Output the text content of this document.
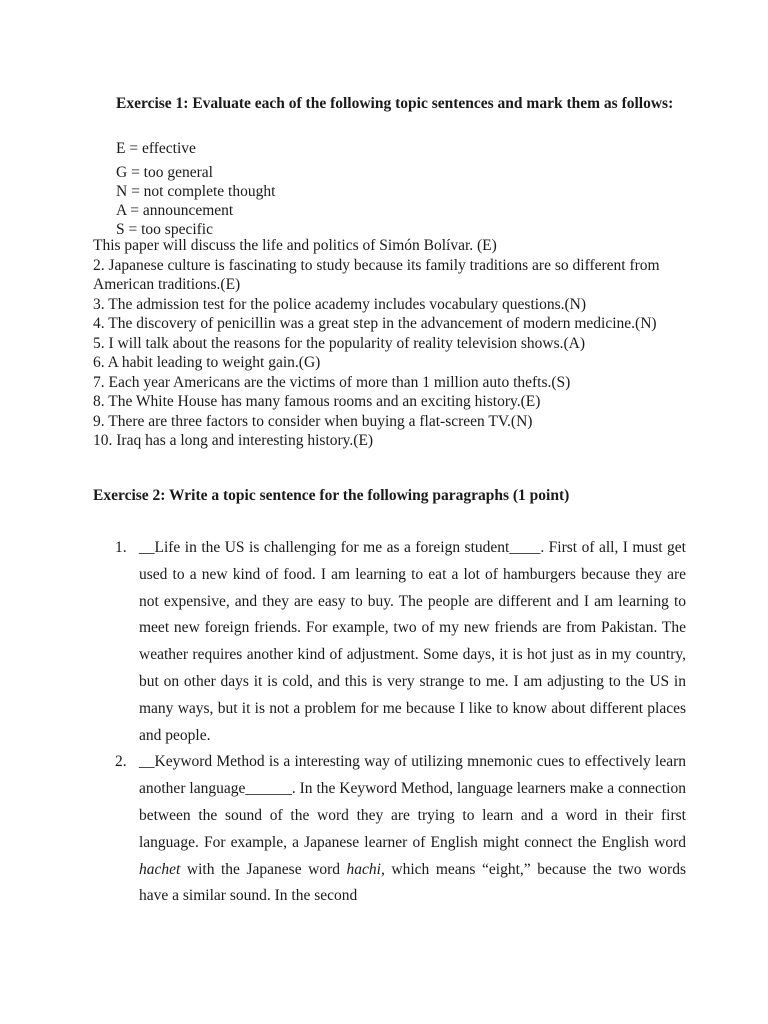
Exercise 1: Evaluate each of the following topic sentences and mark them as follows:
E = effective
G = too general
N = not complete thought
A = announcement
S = too specific
This paper will discuss the life and politics of Simón Bolívar. (E)
2. Japanese culture is fascinating to study because its family traditions are so different from American traditions.(E)
3. The admission test for the police academy includes vocabulary questions.(N)
4. The discovery of penicillin was a great step in the advancement of modern medicine.(N)
5. I will talk about the reasons for the popularity of reality television shows.(A)
6. A habit leading to weight gain.(G)
7. Each year Americans are the victims of more than 1 million auto thefts.(S)
8. The White House has many famous rooms and an exciting history.(E)
9. There are three factors to consider when buying a flat-screen TV.(N)
10. Iraq has a long and interesting history.(E)
Exercise 2: Write a topic sentence for the following paragraphs (1 point)
1. __Life in the US is challenging for me as a foreign student____. First of all, I must get used to a new kind of food. I am learning to eat a lot of hamburgers because they are not expensive, and they are easy to buy. The people are different and I am learning to meet new foreign friends. For example, two of my new friends are from Pakistan. The weather requires another kind of adjustment. Some days, it is hot just as in my country, but on other days it is cold, and this is very strange to me. I am adjusting to the US in many ways, but it is not a problem for me because I like to know about different places and people.
2. __Keyword Method is a interesting way of utilizing mnemonic cues to effectively learn another language______. In the Keyword Method, language learners make a connection between the sound of the word they are trying to learn and a word in their first language. For example, a Japanese learner of English might connect the English word hachet with the Japanese word hachi, which means “eight,” because the two words have a similar sound. In the second
